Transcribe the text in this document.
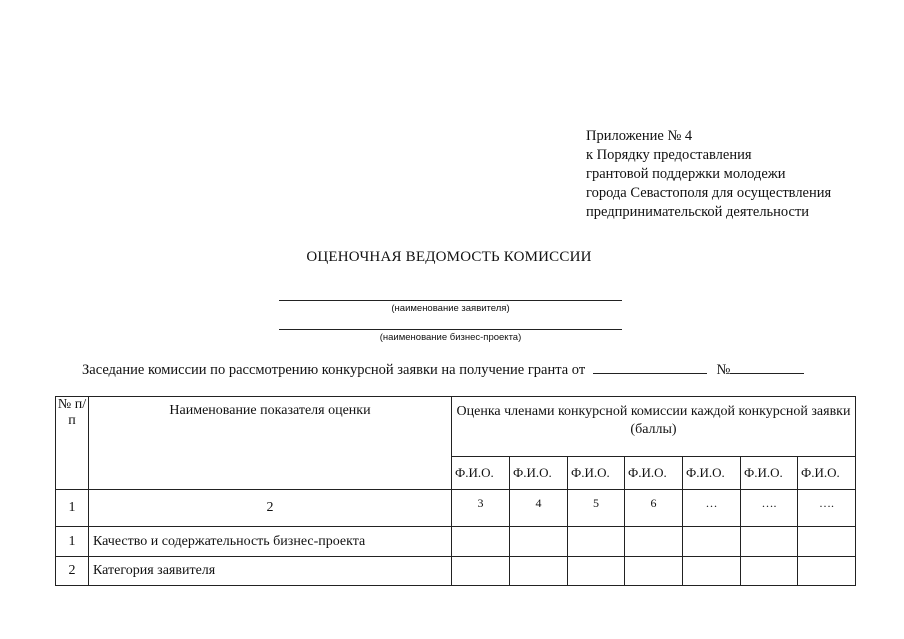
Приложение № 4
к Порядку предоставления
грантовой поддержки молодежи
города Севастополя для осуществления
предпринимательской деятельности
ОЦЕНОЧНАЯ ВЕДОМОСТЬ КОМИССИИ
(наименование заявителя)
(наименование бизнес-проекта)
Заседание комиссии по рассмотрению конкурсной заявки на получение гранта от	№
№ п/п	Наименование показателя оценки	Оценка членами конкурсной комиссии каждой конкурсной заявки (баллы)						
		Ф.И.О.	Ф.И.О.	Ф.И.О.	Ф.И.О.	Ф.И.О.	Ф.И.О.	Ф.И.О.
1	2	3	4	5	6	…	….	….
1	Качество и содержательность бизнес-проекта							
2	Категория заявителя							
